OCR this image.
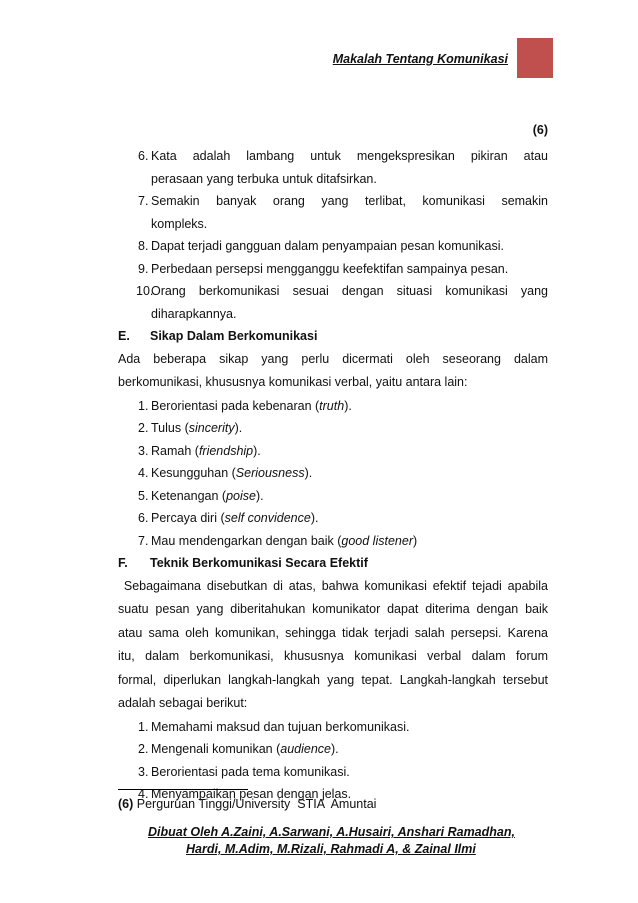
Makalah Tentang Komunikasi
(6)
6. Kata adalah lambang untuk mengekspresikan pikiran atau
perasaan yang terbuka untuk ditafsirkan.
7. Semakin banyak orang yang terlibat, komunikasi semakin
kompleks.
8. Dapat terjadi gangguan dalam penyampaian pesan komunikasi.
9. Perbedaan persepsi mengganggu keefektifan sampainya pesan.
10.
Orang berkomunikasi sesuai dengan situasi komunikasi yang
diharapkannya.
E.	Sikap Dalam Berkomunikasi
Ada beberapa sikap yang perlu dicermati oleh seseorang dalam
berkomunikasi, khususnya komunikasi verbal, yaitu antara lain:
1. Berorientasi pada kebenaran (truth).
2. Tulus (sincerity).
3. Ramah (friendship).
4. Kesungguhan (Seriousness).
5. Ketenangan (poise).
6. Percaya diri (self convidence).
7. Mau mendengarkan dengan baik (good listener)
F.	Teknik Berkomunikasi Secara Efektif
Sebagaimana disebutkan di atas, bahwa komunikasi efektif tejadi apabila
suatu pesan yang diberitahukan komunikator dapat diterima dengan baik
atau sama oleh komunikan, sehingga tidak terjadi salah persepsi. Karena
itu, dalam berkomunikasi, khususnya komunikasi verbal dalam forum
formal, diperlukan langkah-langkah yang tepat. Langkah-langkah tersebut
adalah sebagai berikut:
1. Memahami maksud dan tujuan berkomunikasi.
2. Mengenali komunikan (audience).
3. Berorientasi pada tema komunikasi.
4. Menyampaikan pesan dengan jelas.
(6) Perguruan Tinggi/University  STIA  Amuntai
Dibuat Oleh A.Zaini, A.Sarwani, A.Husairi, Anshari Ramadhan,
Hardi, M.Adim, M.Rizali, Rahmadi A, & Zainal Ilmi
